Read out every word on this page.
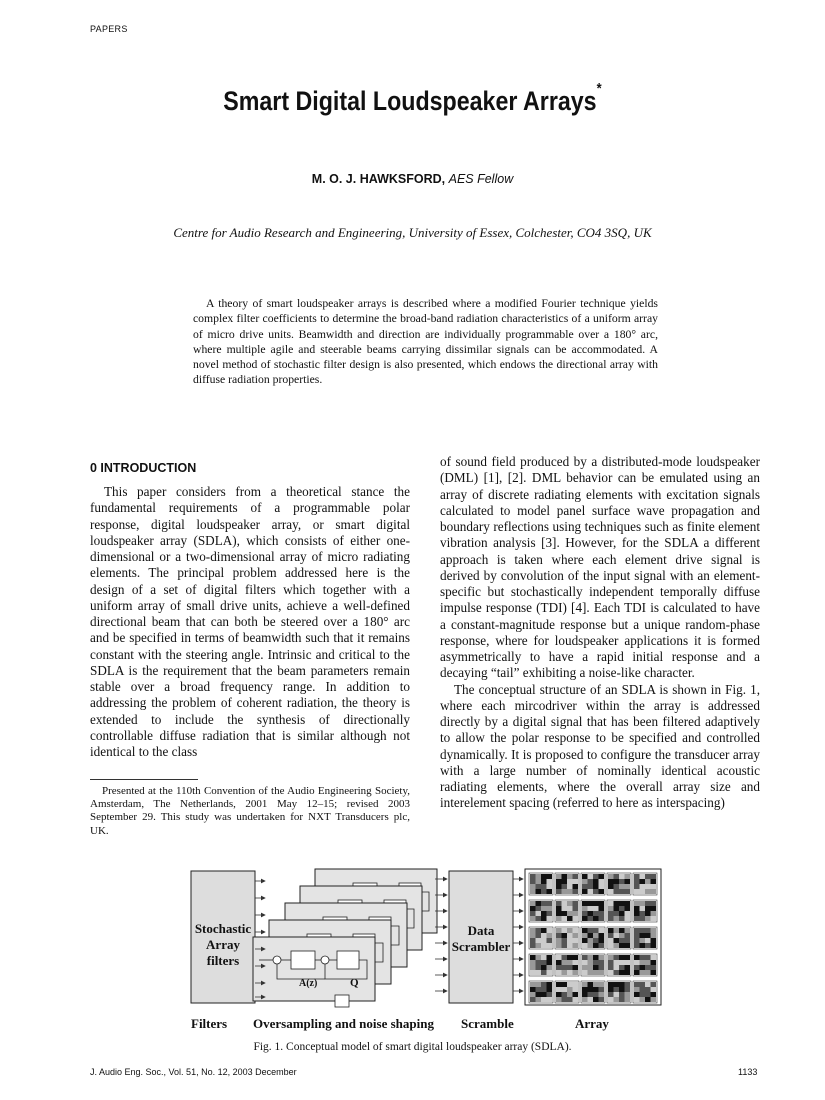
PAPERS
Smart Digital Loudspeaker Arrays*
M. O. J. HAWKSFORD, AES Fellow
Centre for Audio Research and Engineering, University of Essex, Colchester, CO4 3SQ, UK

A theory of smart loudspeaker arrays is described where a modified Fourier technique yields complex filter coefficients to determine the broad-band radiation characteristics of a uniform array of micro drive units. Beamwidth and direction are individually programmable over a 180° arc, where multiple agile and steerable beams carrying dissimilar signals can be accommodated. A novel method of stochastic filter design is also presented, which endows the directional array with diffuse radiation properties.

0 INTRODUCTION

This paper considers from a theoretical stance the fundamental requirements of a programmable polar response, digital loudspeaker array, or smart digital loudspeaker array (SDLA), which consists of either one-dimensional or a two-dimensional array of micro radiating elements. The principal problem addressed here is the design of a set of digital filters which together with a uniform array of small drive units, achieve a well-defined directional beam that can both be steered over a 180° arc and be specified in terms of beamwidth such that it remains constant with the steering angle. Intrinsic and critical to the SDLA is the requirement that the beam parameters remain stable over a broad frequency range. In addition to addressing the problem of coherent radiation, the theory is extended to include the synthesis of directionally controllable diffuse radiation that is similar although not identical to the class

of sound field produced by a distributed-mode loudspeaker (DML) [1], [2]. DML behavior can be emulated using an array of discrete radiating elements with excitation signals calculated to model panel surface wave propagation and boundary reflections using techniques such as finite element vibration analysis [3]. However, for the SDLA a different approach is taken where each element drive signal is derived by convolution of the input signal with an element-specific but stochastically independent temporally diffuse impulse response (TDI) [4]. Each TDI is calculated to have a constant-magnitude response but a unique random-phase response, where for loudspeaker applications it is formed asymmetrically to have a rapid initial response and a decaying “tail” exhibiting a noise-like character.

The conceptual structure of an SDLA is shown in Fig. 1, where each mircodriver within the array is addressed directly by a digital signal that has been filtered adaptively to allow the polar response to be specified and controlled dynamically. It is proposed to configure the transducer array with a large number of nominally identical acoustic radiating elements, where the overall array size and interelement spacing (referred to here as interspacing)

Presented at the 110th Convention of the Audio Engineering Society, Amsterdam, The Netherlands, 2001 May 12–15; revised 2003 September 29. This study was undertaken for NXT Transducers plc, UK.

Stochastic
Array
filters
Data
Scrambler
A(z)	Q
Filters Oversampling and noise shaping Scramble	Array
Fig. 1. Conceptual model of smart digital loudspeaker array (SDLA).
J. Audio Eng. Soc., Vol. 51, No. 12, 2003 December	1133
